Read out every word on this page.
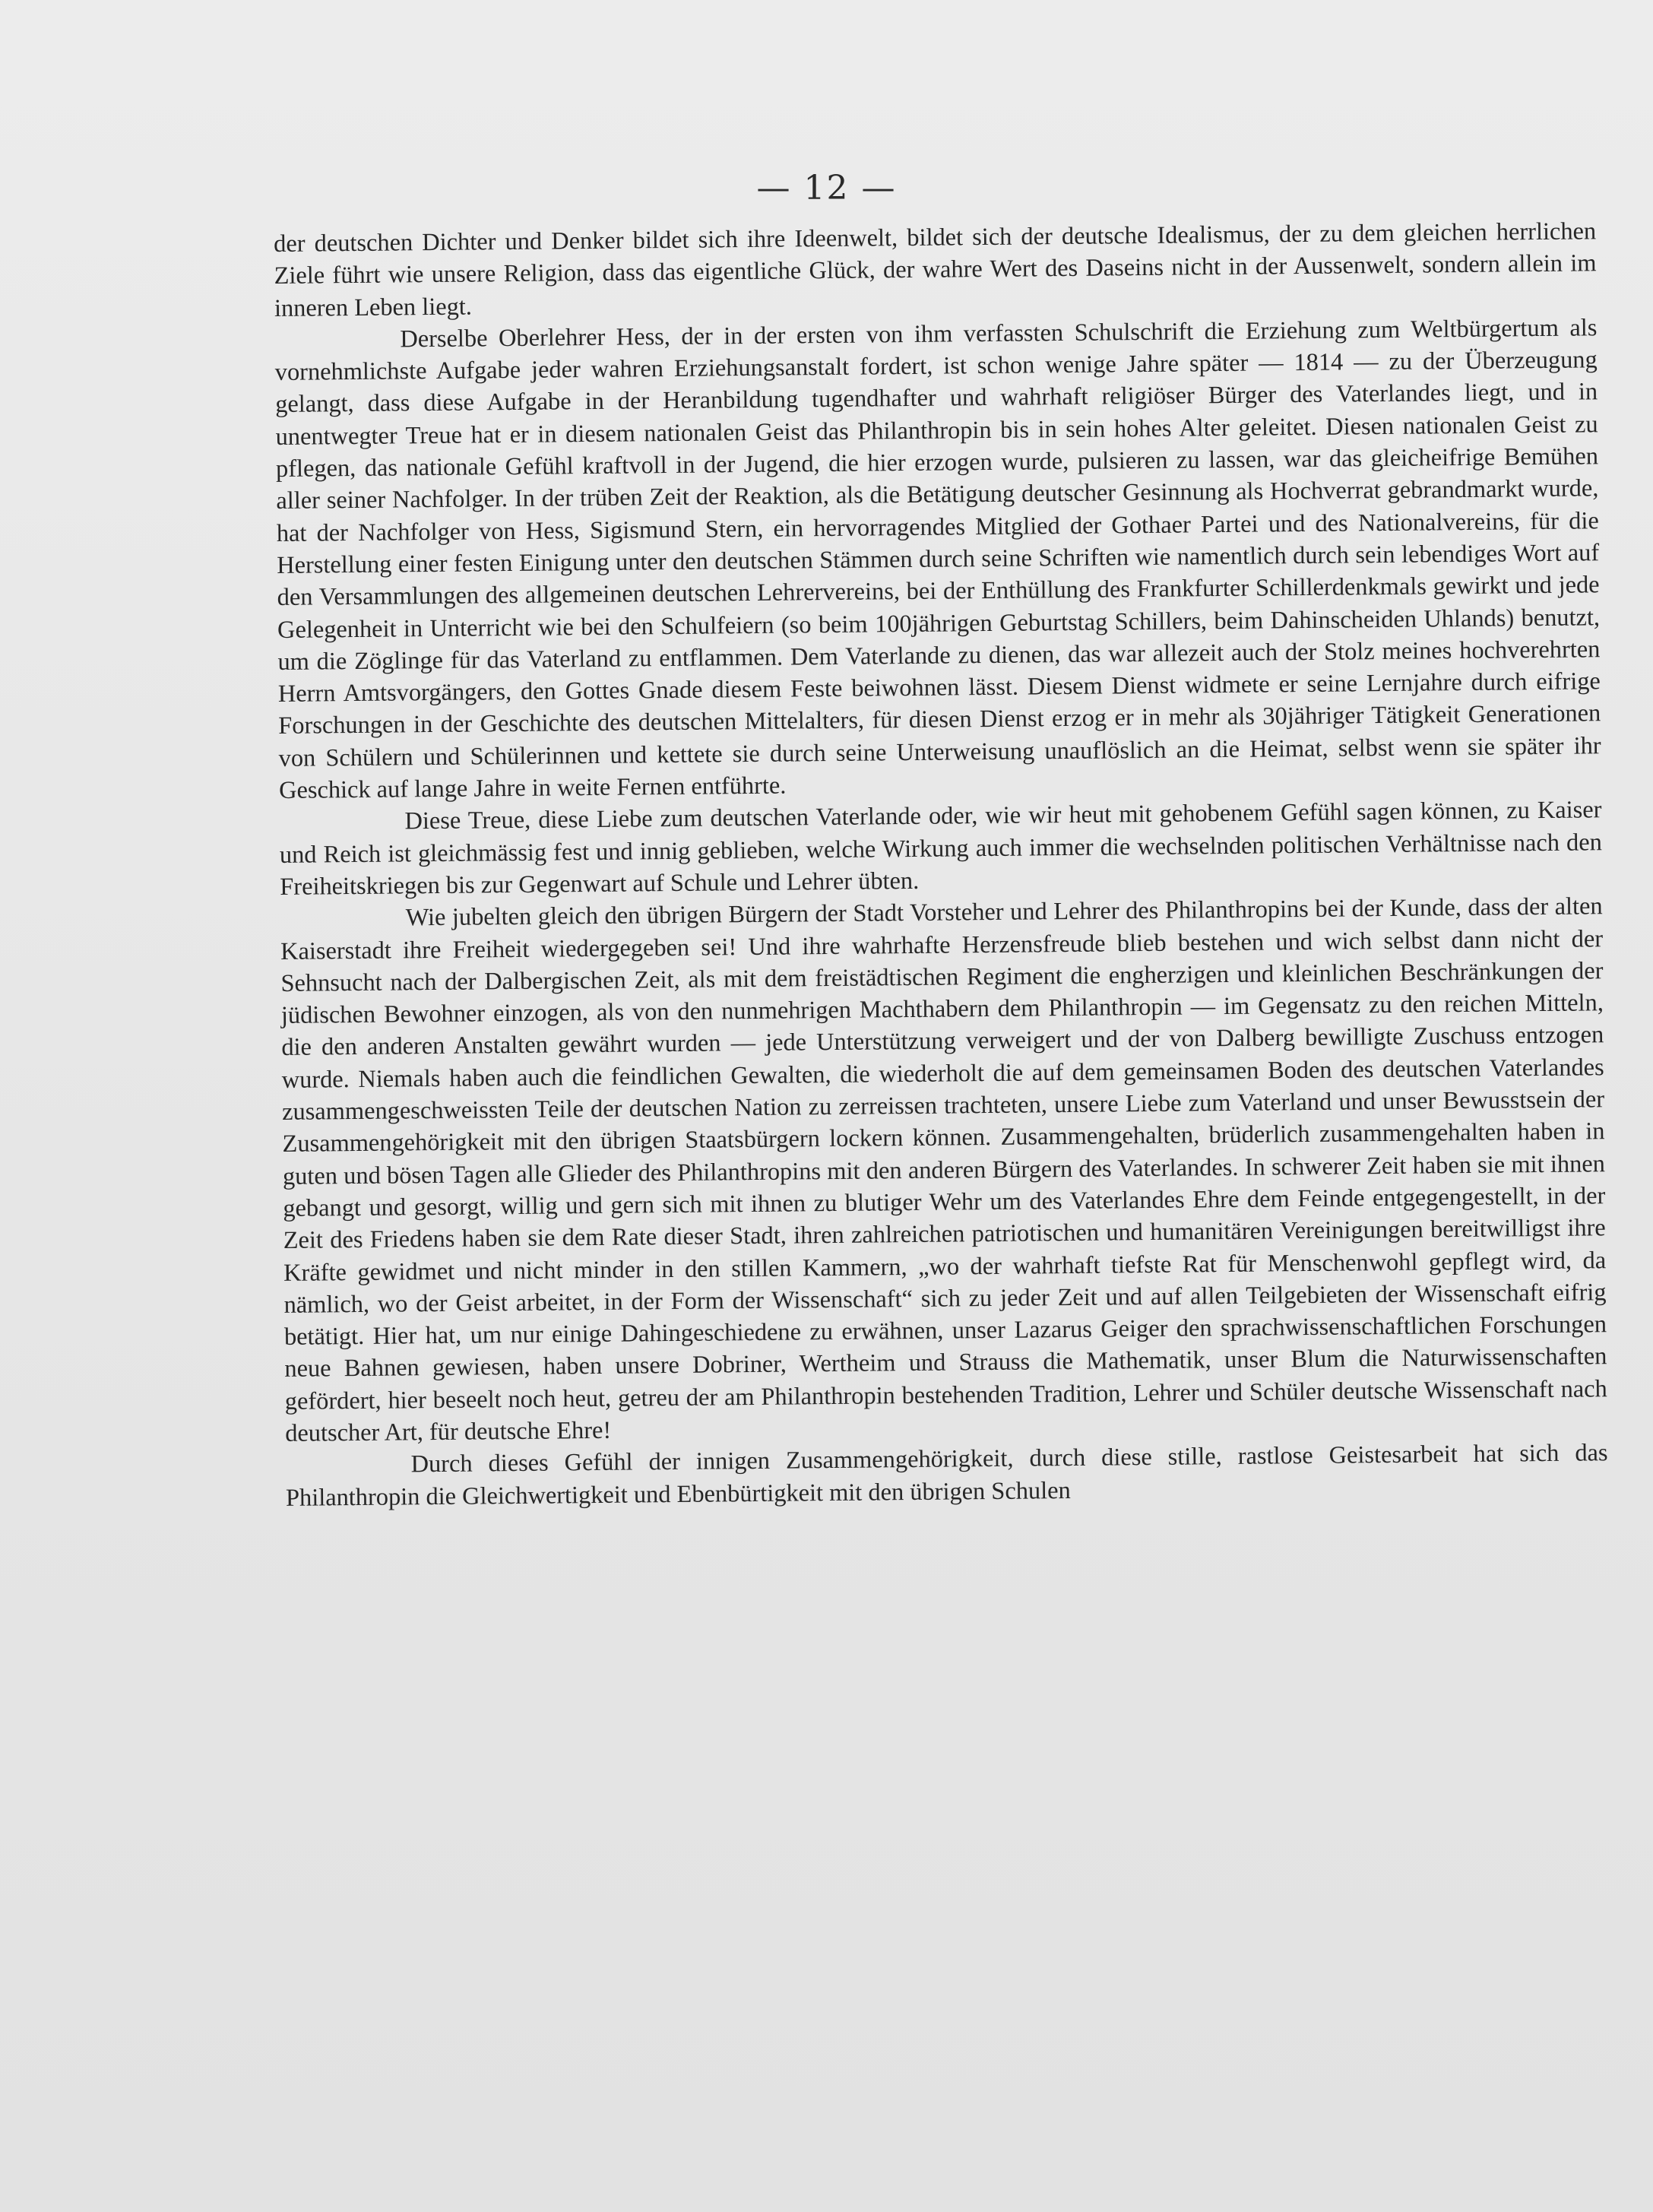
— 12 —

der deutschen Dichter und Denker bildet sich ihre Ideenwelt, bildet sich der deutsche Idealismus, der zu dem gleichen herrlichen Ziele führt wie unsere Religion, dass das eigentliche Glück, der wahre Wert des Daseins nicht in der Aussenwelt, sondern allein im inneren Leben liegt.

Derselbe Oberlehrer Hess, der in der ersten von ihm verfassten Schulschrift die Erziehung zum Weltbürgertum als vornehmlichste Aufgabe jeder wahren Erziehungsanstalt fordert, ist schon wenige Jahre später — 1814 — zu der Überzeugung gelangt, dass diese Aufgabe in der Heranbildung tugendhafter und wahrhaft religiöser Bürger des Vaterlandes liegt, und in unentwegter Treue hat er in diesem nationalen Geist das Philanthropin bis in sein hohes Alter geleitet. Diesen nationalen Geist zu pflegen, das nationale Gefühl kraftvoll in der Jugend, die hier erzogen wurde, pulsieren zu lassen, war das gleicheifrige Bemühen aller seiner Nachfolger. In der trüben Zeit der Reaktion, als die Betätigung deutscher Gesinnung als Hochverrat gebrandmarkt wurde, hat der Nachfolger von Hess, Sigismund Stern, ein hervorragendes Mitglied der Gothaer Partei und des Nationalvereins, für die Herstellung einer festen Einigung unter den deutschen Stämmen durch seine Schriften wie namentlich durch sein lebendiges Wort auf den Versammlungen des allgemeinen deutschen Lehrervereins, bei der Enthüllung des Frankfurter Schillerdenkmals gewirkt und jede Gelegenheit in Unterricht wie bei den Schulfeiern (so beim 100jährigen Geburtstag Schillers, beim Dahinscheiden Uhlands) benutzt, um die Zöglinge für das Vaterland zu entflammen. Dem Vaterlande zu dienen, das war allezeit auch der Stolz meines hochverehrten Herrn Amtsvorgängers, den Gottes Gnade diesem Feste beiwohnen lässt. Diesem Dienst widmete er seine Lernjahre durch eifrige Forschungen in der Geschichte des deutschen Mittelalters, für diesen Dienst erzog er in mehr als 30jähriger Tätigkeit Generationen von Schülern und Schülerinnen und kettete sie durch seine Unterweisung unauflöslich an die Heimat, selbst wenn sie später ihr Geschick auf lange Jahre in weite Fernen entführte.

Diese Treue, diese Liebe zum deutschen Vaterlande oder, wie wir heut mit gehobenem Gefühl sagen können, zu Kaiser und Reich ist gleichmässig fest und innig geblieben, welche Wirkung auch immer die wechselnden politischen Verhältnisse nach den Freiheitskriegen bis zur Gegenwart auf Schule und Lehrer übten.

Wie jubelten gleich den übrigen Bürgern der Stadt Vorsteher und Lehrer des Philanthropins bei der Kunde, dass der alten Kaiserstadt ihre Freiheit wiedergegeben sei! Und ihre wahrhafte Herzensfreude blieb bestehen und wich selbst dann nicht der Sehnsucht nach der Dalbergischen Zeit, als mit dem freistädtischen Regiment die engherzigen und kleinlichen Beschränkungen der jüdischen Bewohner einzogen, als von den nunmehrigen Machthabern dem Philanthropin — im Gegensatz zu den reichen Mitteln, die den anderen Anstalten gewährt wurden — jede Unterstützung verweigert und der von Dalberg bewilligte Zuschuss entzogen wurde. Niemals haben auch die feindlichen Gewalten, die wiederholt die auf dem gemeinsamen Boden des deutschen Vaterlandes zusammengeschweissten Teile der deutschen Nation zu zerreissen trachteten, unsere Liebe zum Vaterland und unser Bewusstsein der Zusammengehörigkeit mit den übrigen Staatsbürgern lockern können. Zusammengehalten, brüderlich zusammengehalten haben in guten und bösen Tagen alle Glieder des Philanthropins mit den anderen Bürgern des Vaterlandes. In schwerer Zeit haben sie mit ihnen gebangt und gesorgt, willig und gern sich mit ihnen zu blutiger Wehr um des Vaterlandes Ehre dem Feinde entgegengestellt, in der Zeit des Friedens haben sie dem Rate dieser Stadt, ihren zahlreichen patriotischen und humanitären Vereinigungen bereitwilligst ihre Kräfte gewidmet und nicht minder in den stillen Kammern, „wo der wahrhaft tiefste Rat für Menschenwohl gepflegt wird, da nämlich, wo der Geist arbeitet, in der Form der Wissenschaft“ sich zu jeder Zeit und auf allen Teilgebieten der Wissenschaft eifrig betätigt. Hier hat, um nur einige Dahingeschiedene zu erwähnen, unser Lazarus Geiger den sprachwissenschaftlichen Forschungen neue Bahnen gewiesen, haben unsere Dobriner, Wertheim und Strauss die Mathematik, unser Blum die Naturwissenschaften gefördert, hier beseelt noch heut, getreu der am Philanthropin bestehenden Tradition, Lehrer und Schüler deutsche Wissenschaft nach deutscher Art, für deutsche Ehre!

Durch dieses Gefühl der innigen Zusammengehörigkeit, durch diese stille, rastlose Geistesarbeit hat sich das Philanthropin die Gleichwertigkeit und Ebenbürtigkeit mit den übrigen Schulen
